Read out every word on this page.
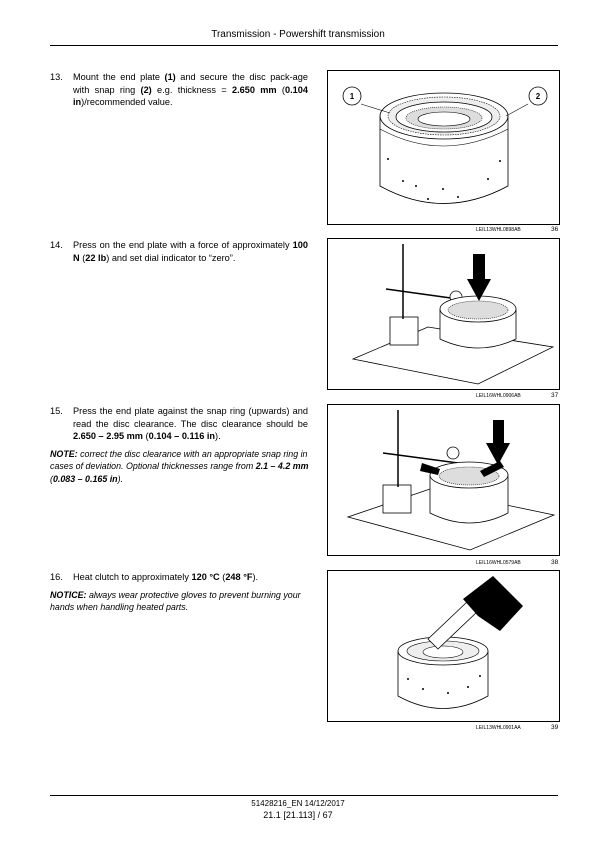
Transmission - Powershift transmission
13. Mount the end plate (1) and secure the disc pack-age with snap ring (2) e.g. thickness = 2.650 mm (0.104 in)/recommended value.
14. Press on the end plate with a force of approximately 100 N (22 lb) and set dial indicator to “zero”.
15. Press the end plate against the snap ring (upwards) and read the disc clearance. The disc clearance should be 2.650 – 2.95 mm (0.104 – 0.116 in).
NOTE: correct the disc clearance with an appropriate snap ring in cases of deviation. Optional thicknesses range from 2.1 – 4.2 mm (0.083 – 0.165 in).
16. Heat clutch to approximately 120 °C (248 °F).
NOTICE: always wear protective gloves to prevent burning your hands when handling heated parts.
1	2
LEIL13WHL0898AB	36
LEIL16WHL0906AB	37
LEIL16WHL0579AB	38
LEIL13WHL0901AA	39
51428216_EN 14/12/2017
21.1 [21.113] / 67
